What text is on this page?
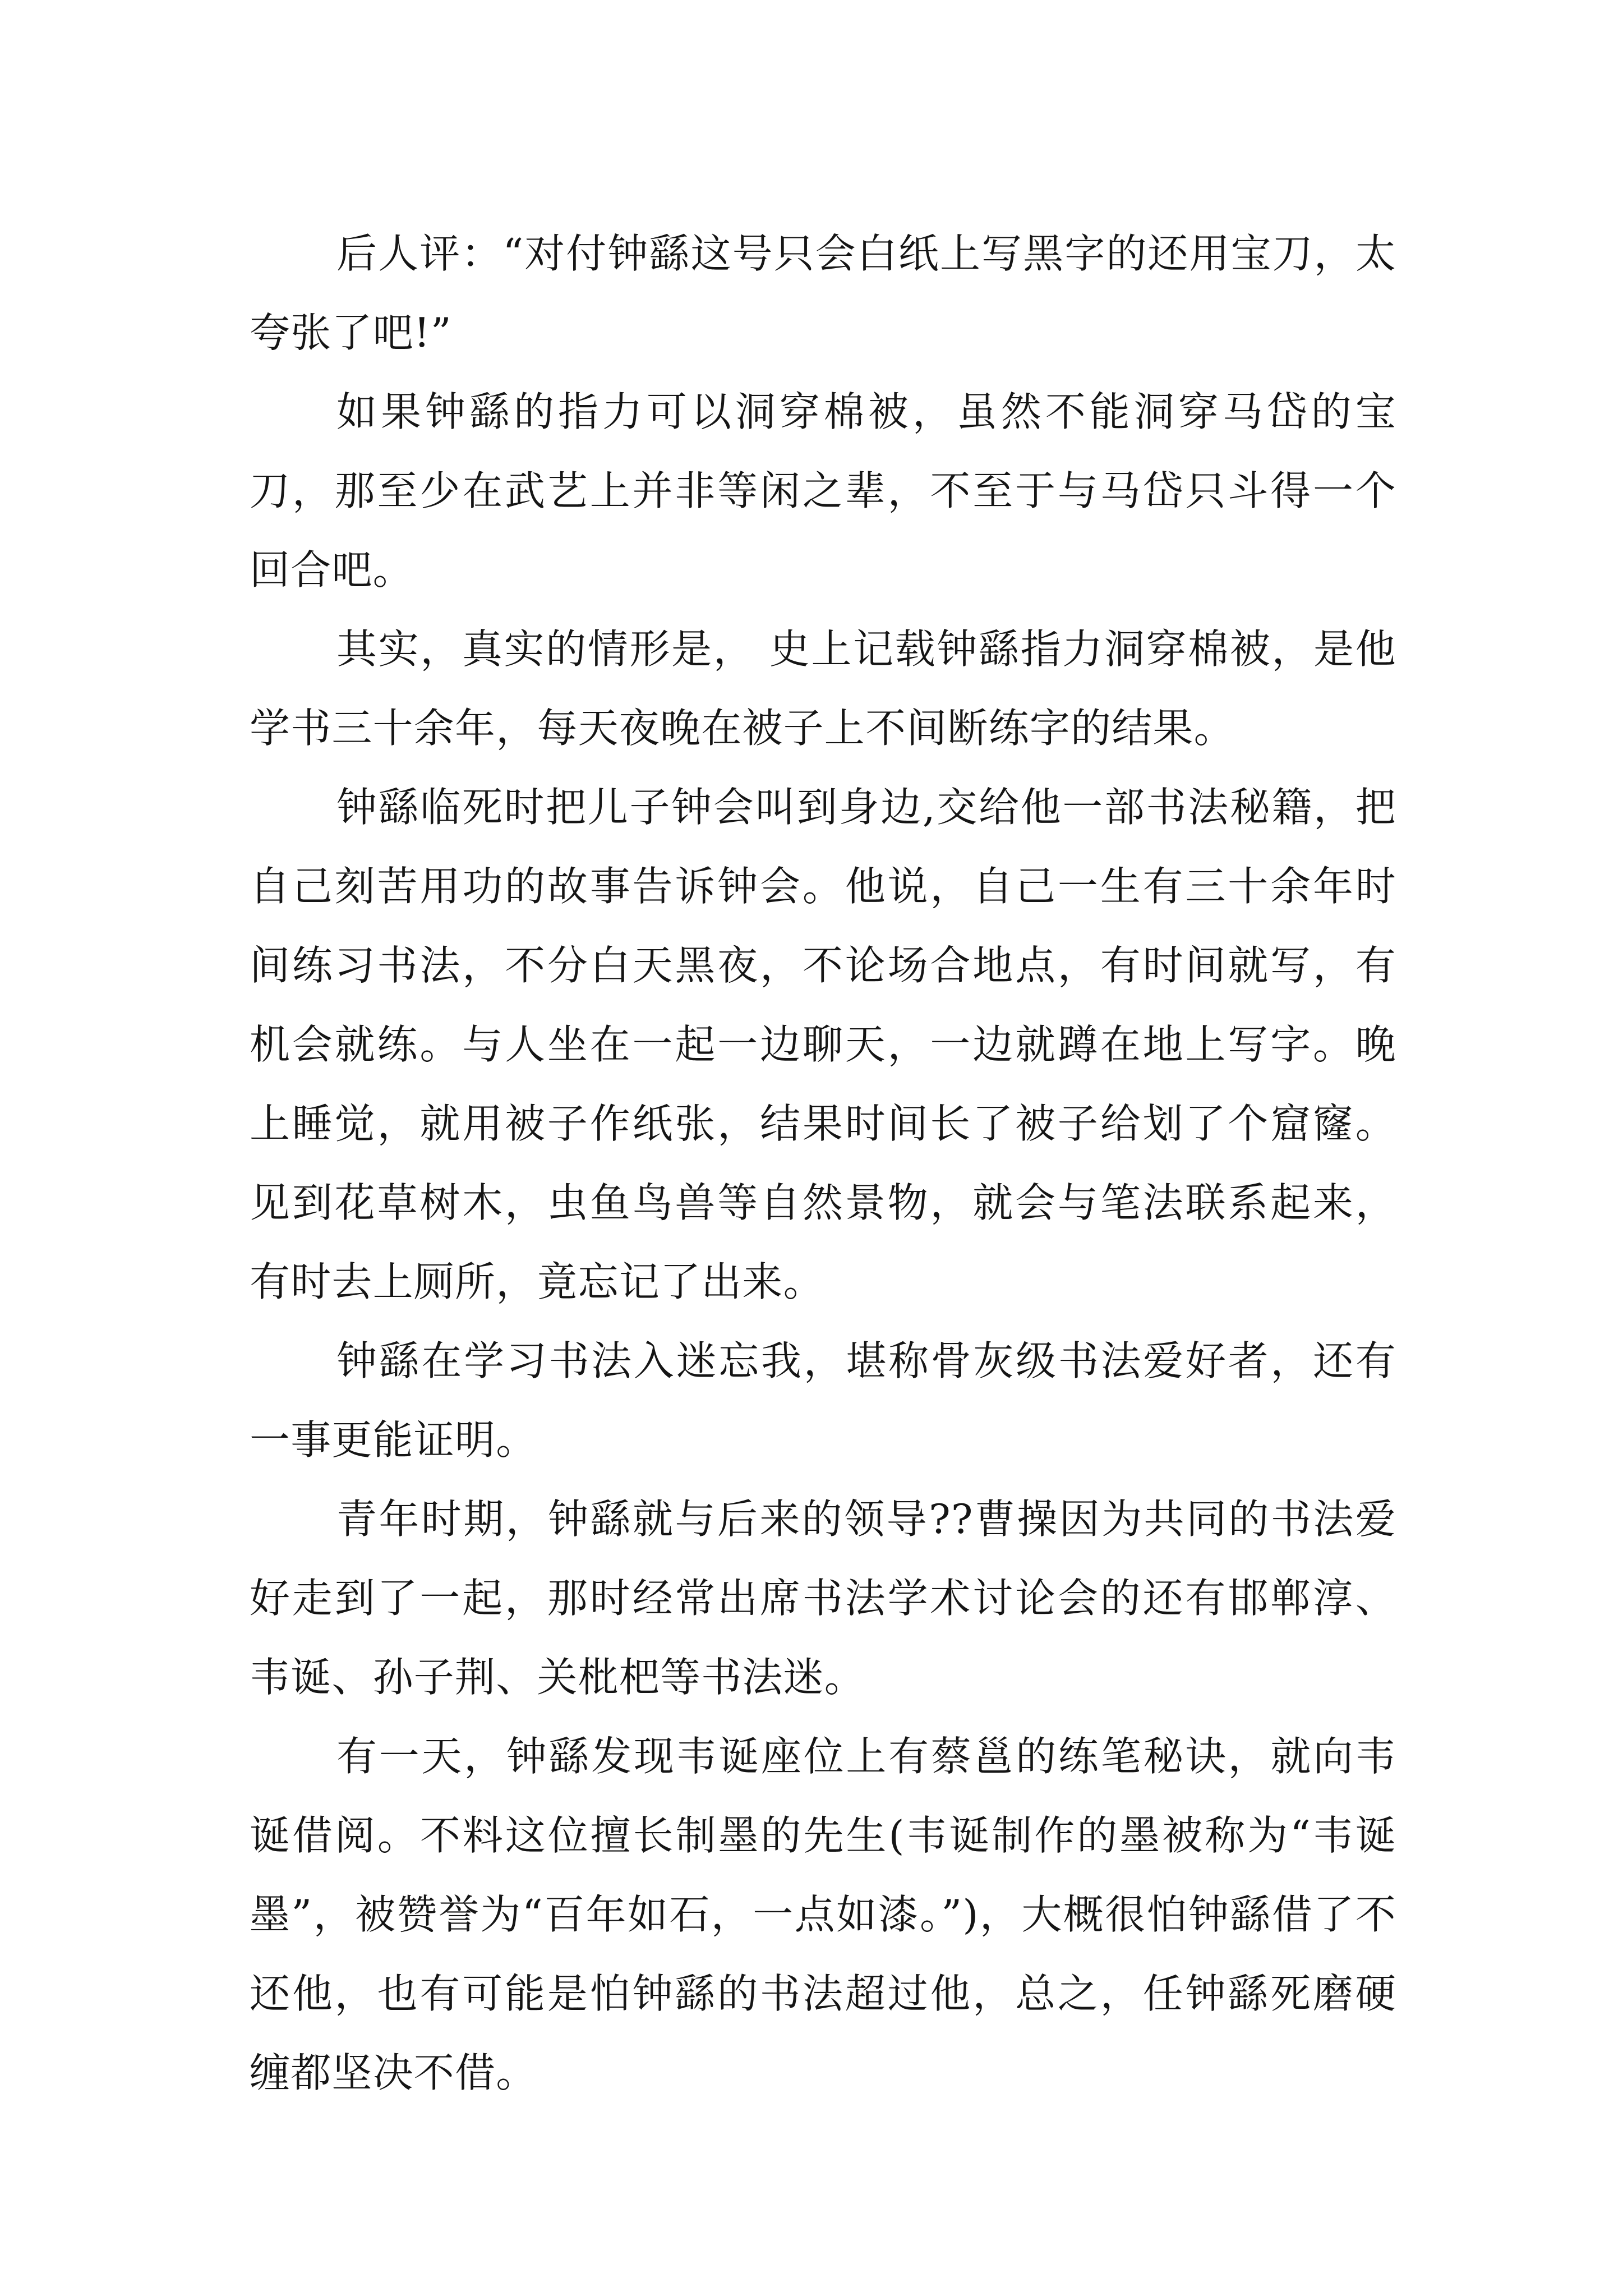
后人评：“对付钟繇这号只会白纸上写黑字的还用宝刀，太夸张了吧!”

如果钟繇的指力可以洞穿棉被，虽然不能洞穿马岱的宝刀，那至少在武艺上并非等闲之辈，不至于与马岱只斗得一个回合吧。

其实，真实的情形是， 史上记载钟繇指力洞穿棉被，是他学书三十余年，每天夜晚在被子上不间断练字的结果。

钟繇临死时把儿子钟会叫到身边,交给他一部书法秘籍，把自己刻苦用功的故事告诉钟会。他说，自己一生有三十余年时间练习书法，不分白天黑夜，不论场合地点，有时间就写，有机会就练。与人坐在一起一边聊天，一边就蹲在地上写字。晚上睡觉，就用被子作纸张，结果时间长了被子给划了个窟窿。见到花草树木，虫鱼鸟兽等自然景物，就会与笔法联系起来，有时去上厕所，竟忘记了出来。

钟繇在学习书法入迷忘我，堪称骨灰级书法爱好者，还有一事更能证明。

青年时期，钟繇就与后来的领导??曹操因为共同的书法爱好走到了一起，那时经常出席书法学术讨论会的还有邯郸淳、韦诞、孙子荆、关枇杷等书法迷。

有一天，钟繇发现韦诞座位上有蔡邕的练笔秘诀，就向韦诞借阅。不料这位擅长制墨的先生(韦诞制作的墨被称为“韦诞墨”，被赞誉为“百年如石，一点如漆。”)，大概很怕钟繇借了不还他，也有可能是怕钟繇的书法超过他，总之，任钟繇死磨硬缠都坚决不借。
